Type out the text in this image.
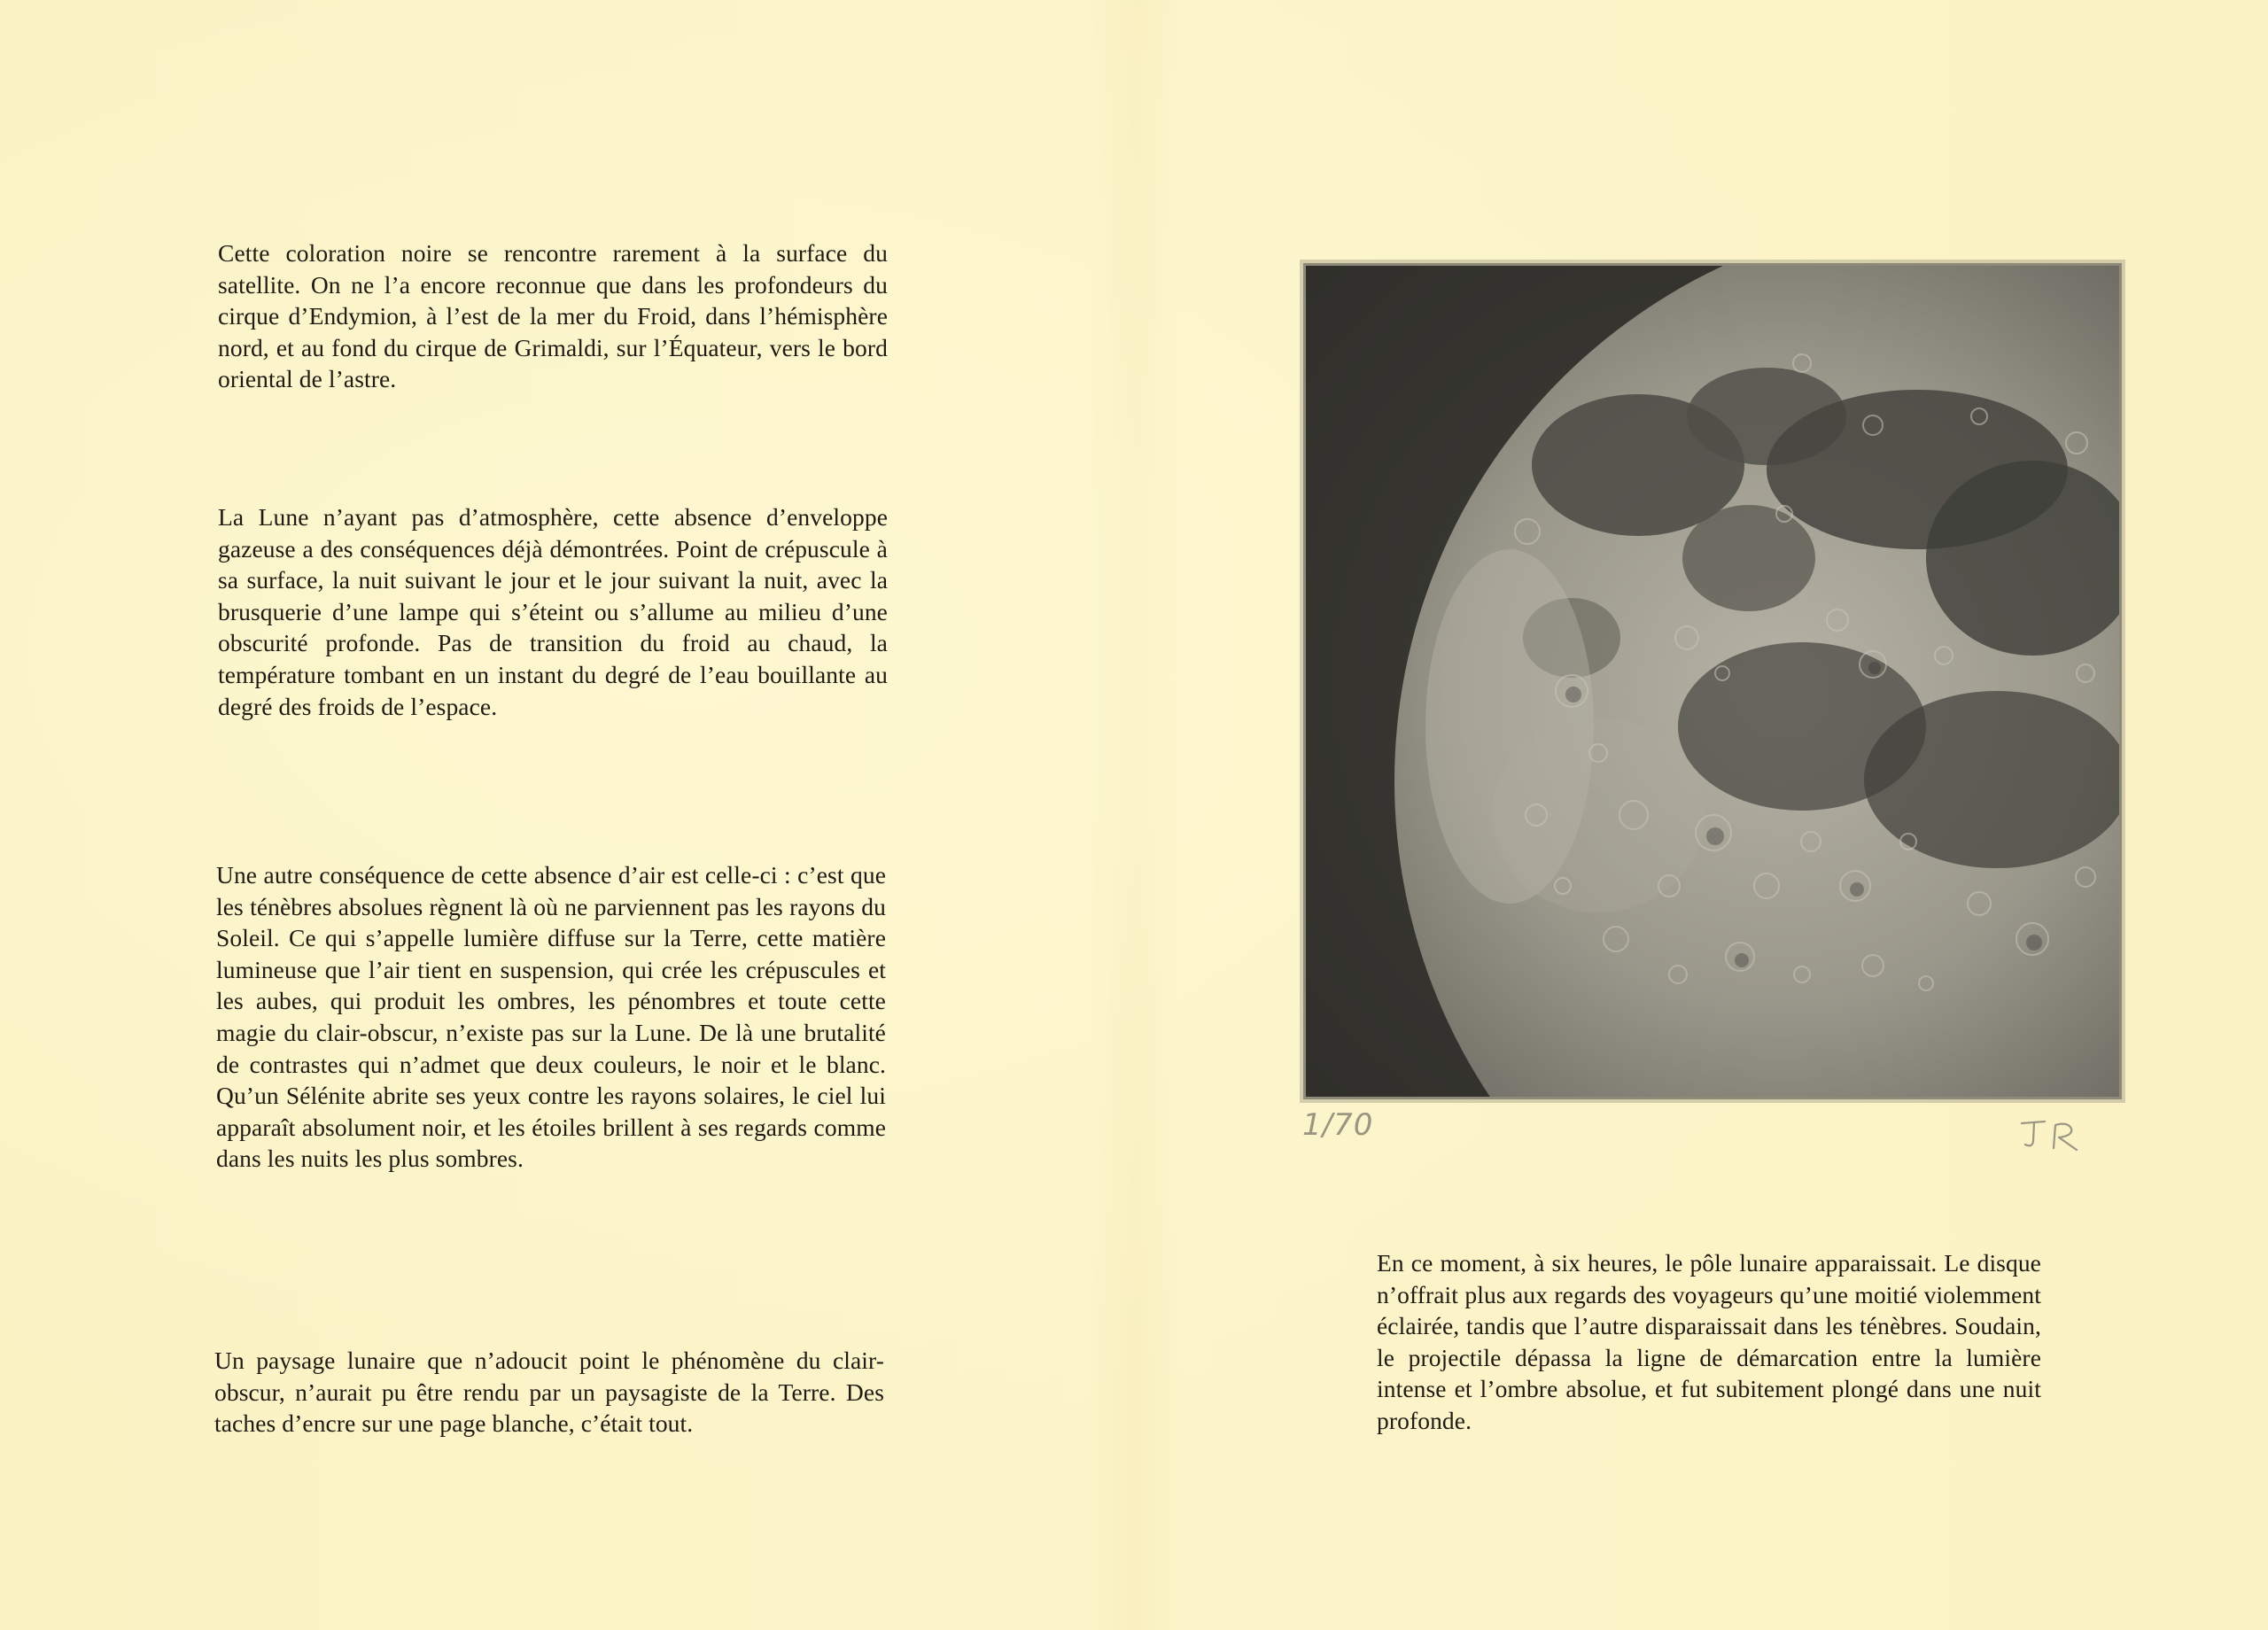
Cette coloration noire se rencontre rarement à la surface du satellite. On ne l’a encore reconnue que dans les profondeurs du cirque d’Endymion, à l’est de la mer du Froid, dans l’hémisphère nord, et au fond du cirque de Grimaldi, sur l’Équateur, vers le bord oriental de l’astre.

La Lune n’ayant pas d’atmosphère, cette absence d’enveloppe gazeuse a des conséquences déjà démontrées. Point de crépuscule à sa surface, la nuit suivant le jour et le jour suivant la nuit, avec la brusquerie d’une lampe qui s’éteint ou s’allume au milieu d’une obscurité profonde. Pas de transition du froid au chaud, la température tombant en un instant du degré de l’eau bouillante au degré des froids de l’espace.

Une autre conséquence de cette absence d’air est celle-ci : c’est que les ténèbres absolues règnent là où ne parviennent pas les rayons du Soleil. Ce qui s’appelle lumière diffuse sur la Terre, cette matière lumineuse que l’air tient en suspension, qui crée les crépuscules et les aubes, qui produit les ombres, les pénombres et toute cette magie du clair-obscur, n’existe pas sur la Lune. De là une brutalité de contrastes qui n’admet que deux couleurs, le noir et le blanc. Qu’un Sélénite abrite ses yeux contre les rayons solaires, le ciel lui apparaît absolument noir, et les étoiles brillent à ses regards comme dans les nuits les plus sombres.

Un paysage lunaire que n’adoucit point le phénomène du clair-obscur, n’aurait pu être rendu par un paysagiste de la Terre. Des taches d’encre sur une page blanche, c’était tout.

1/70

En ce moment, à six heures, le pôle lunaire apparaissait. Le disque n’offrait plus aux regards des voyageurs qu’une moitié violemment éclairée, tandis que l’autre disparaissait dans les ténèbres. Soudain, le projectile dépassa la ligne de démarcation entre la lumière intense et l’ombre absolue, et fut subitement plongé dans une nuit profonde.
